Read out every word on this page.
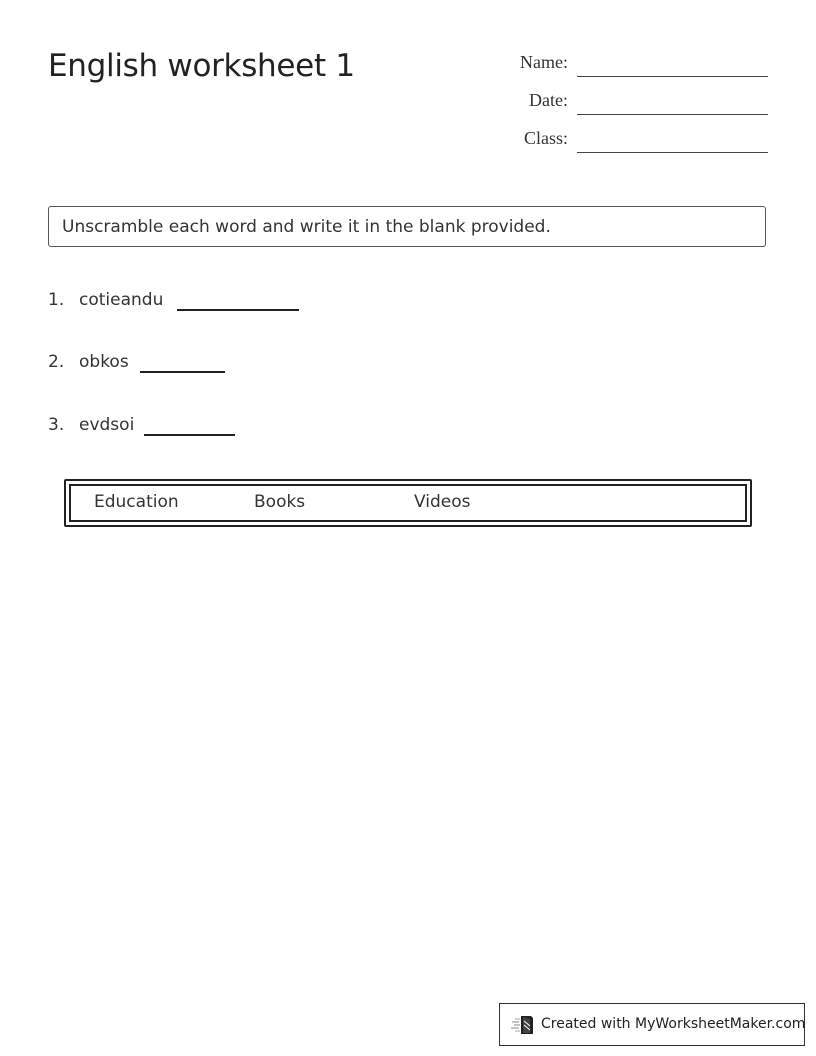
English worksheet 1	Name:
Date:
Class:
Unscramble each word and write it in the blank provided.
1. cotieandu
2. obkos
3. evdsoi
Education	Books	Videos
Created with MyWorksheetMaker.com
